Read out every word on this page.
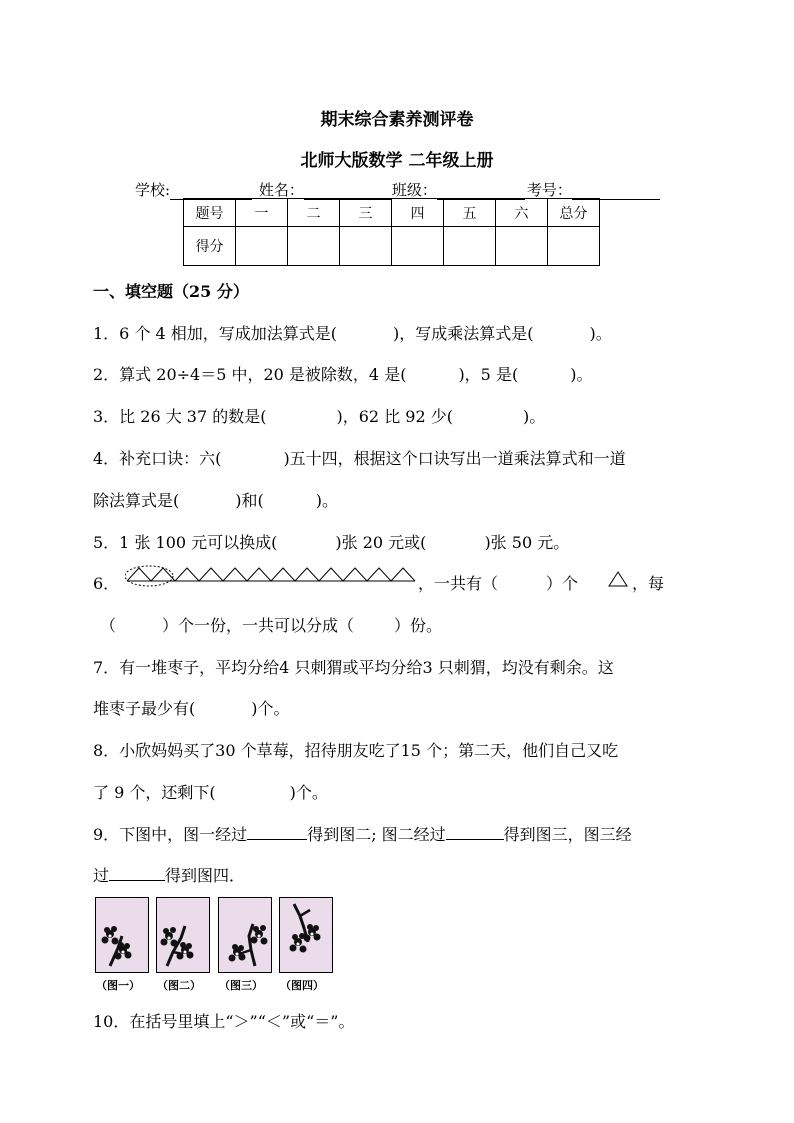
期末综合素养测评卷
北师大版数学 二年级上册
学校:	姓名：	班级：	考号：
题号	一	二	三	四	五	六	总分
得分							
一、填空题（25 分）
1．6 个 4 相加，写成加法算式是(	)，写成乘法算式是(	)。
2．算式 20÷4＝5 中，20 是被除数，4 是(	)，5 是(	)。
3．比 26 大 37 的数是(	)，62 比 92 少(	)。
4．补充口诀：六(	)五十四，根据这个口诀写出一道乘法算式和一道
除法算式是(	)和(	)。
5．1 张 100 元可以换成(	)张 20 元或(	)张 50 元。
6．	，一共有（	）个	，每
（	）个一份，一共可以分成（	）份。
7．有一堆枣子，平均分给4 只刺猬或平均分给3 只刺猬，均没有剩余。这
堆枣子最少有(	)个。
8．小欣妈妈买了30 个草莓，招待朋友吃了15 个；第二天，他们自己又吃
了 9 个，还剩下(	)个。
9．下图中，图一经过	得到图二; 图二经过	得到图三，图三经
过	得到图四．
（图一） （图二） （图三） （图四）
10．在括号里填上“＞”“＜”或“＝”。
